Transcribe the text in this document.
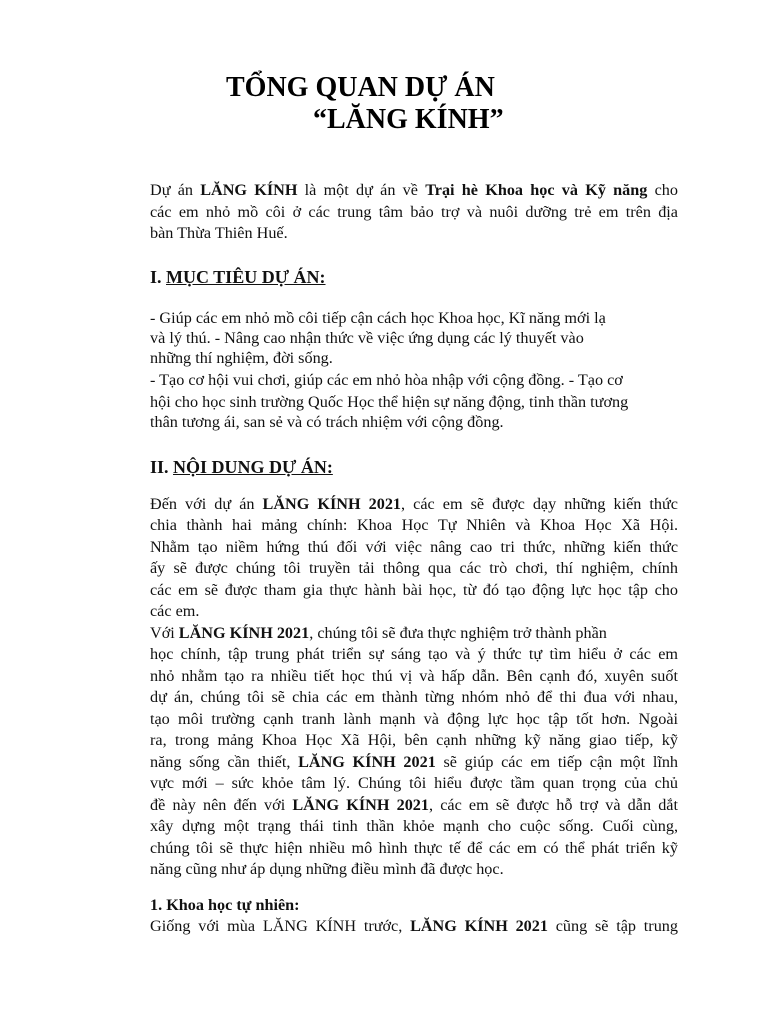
TỔNG QUAN DỰ ÁN
“LĂNG KÍNH”
Dự án LĂNG KÍNH là một dự án về Trại hè Khoa học và Kỹ năng cho
các em nhỏ mồ côi ở các trung tâm bảo trợ và nuôi dưỡng trẻ em trên địa
bàn Thừa Thiên Huế.
I. MỤC TIÊU DỰ ÁN:
- Giúp các em nhỏ mồ côi tiếp cận cách học Khoa học, Kĩ năng mới lạ
và lý thú. - Nâng cao nhận thức về việc ứng dụng các lý thuyết vào
những thí nghiệm, đời sống.
- Tạo cơ hội vui chơi, giúp các em nhỏ hòa nhập với cộng đồng. - Tạo cơ
hội cho học sinh trường Quốc Học thể hiện sự năng động, tinh thần tương
thân tương ái, san sẻ và có trách nhiệm với cộng đồng.
II. NỘI DUNG DỰ ÁN:
Đến với dự án LĂNG KÍNH 2021, các em sẽ được dạy những kiến thức
chia thành hai mảng chính: Khoa Học Tự Nhiên và Khoa Học Xã Hội.
Nhằm tạo niềm hứng thú đối với việc nâng cao tri thức, những kiến thức
ấy sẽ được chúng tôi truyền tải thông qua các trò chơi, thí nghiệm, chính
các em sẽ được tham gia thực hành bài học, từ đó tạo động lực học tập cho
các em.
Với LĂNG KÍNH 2021, chúng tôi sẽ đưa thực nghiệm trở thành phần
học chính, tập trung phát triển sự sáng tạo và ý thức tự tìm hiểu ở các em
nhỏ nhằm tạo ra nhiều tiết học thú vị và hấp dẫn. Bên cạnh đó, xuyên suốt
dự án, chúng tôi sẽ chia các em thành từng nhóm nhỏ để thi đua với nhau,
tạo môi trường cạnh tranh lành mạnh và động lực học tập tốt hơn. Ngoài
ra, trong mảng Khoa Học Xã Hội, bên cạnh những kỹ năng giao tiếp, kỹ
năng sống cần thiết, LĂNG KÍNH 2021 sẽ giúp các em tiếp cận một lĩnh
vực mới – sức khỏe tâm lý. Chúng tôi hiểu được tầm quan trọng của chủ
đề này nên đến với LĂNG KÍNH 2021, các em sẽ được hỗ trợ và dẫn dắt
xây dựng một trạng thái tinh thần khỏe mạnh cho cuộc sống. Cuối cùng,
chúng tôi sẽ thực hiện nhiều mô hình thực tế để các em có thể phát triển kỹ
năng cũng như áp dụng những điều mình đã được học.
1. Khoa học tự nhiên:
Giống với mùa LĂNG KÍNH trước, LĂNG KÍNH 2021 cũng sẽ tập trung
